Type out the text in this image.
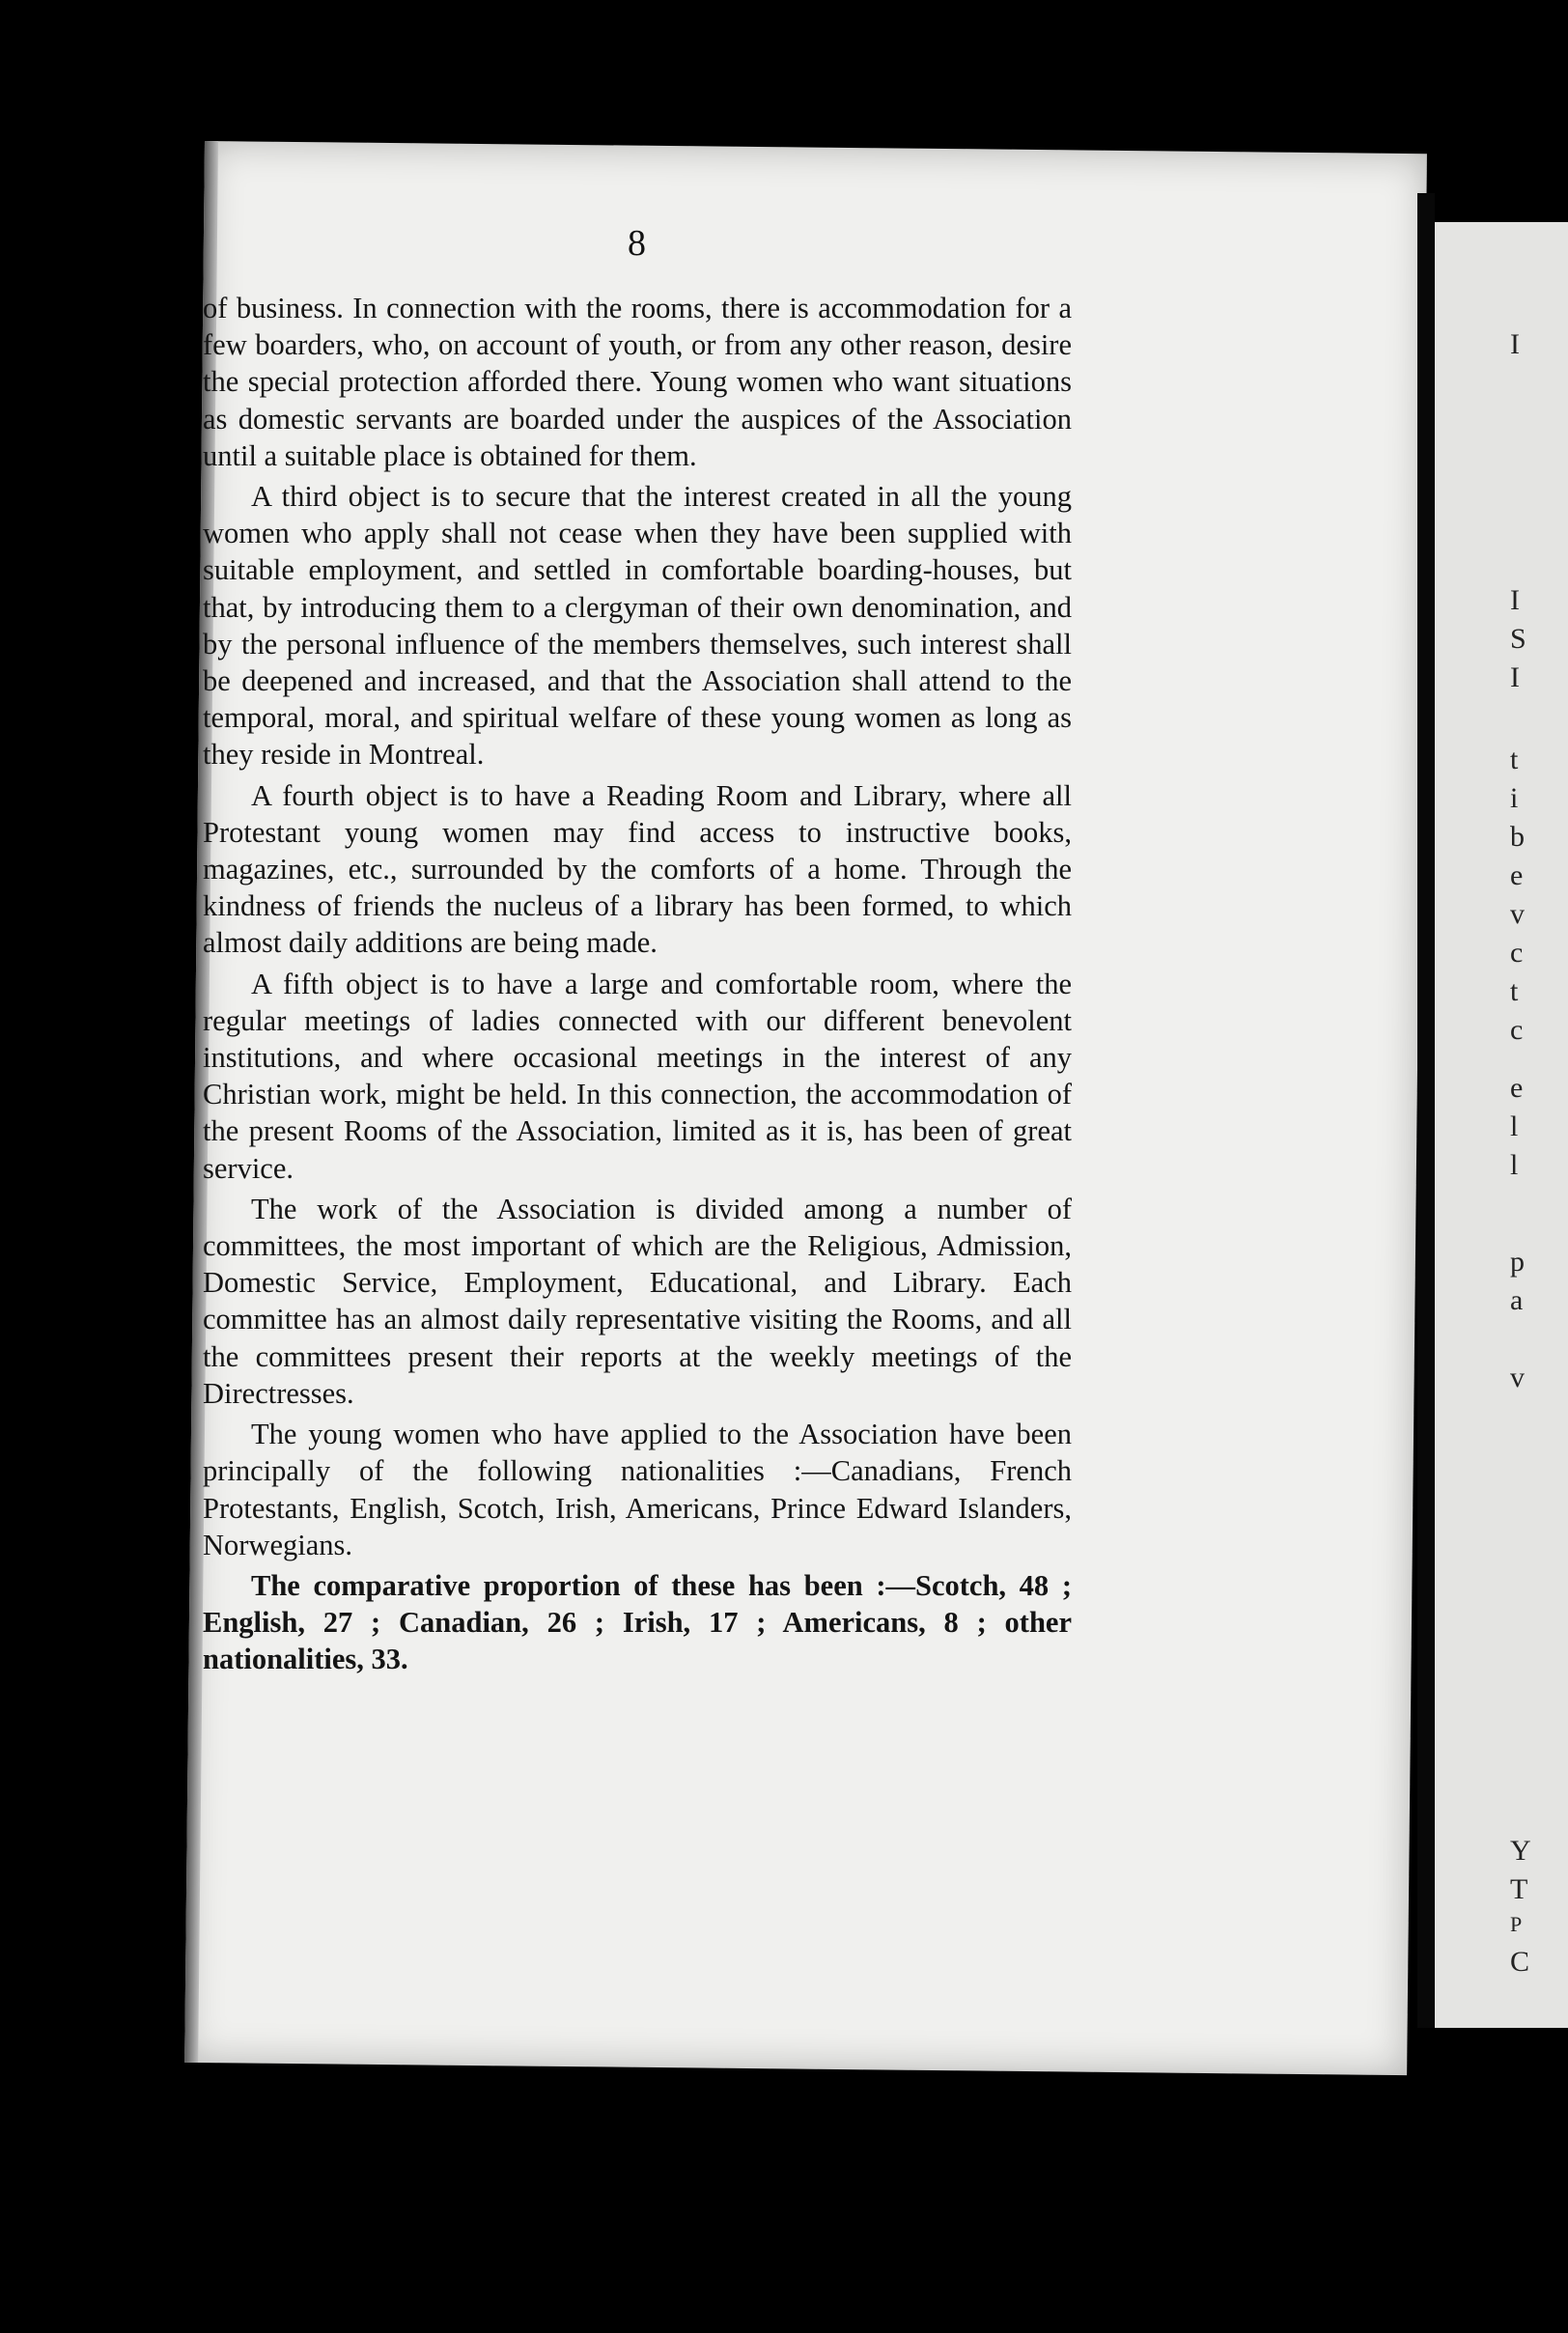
I
I
S
I
t
i
b
e
v
c
t
c
e
l
l
p
a
v
Y
T
P
C
8

of business. In connection with the rooms, there is accommodation for a few boarders, who, on account of youth, or from any other reason, desire the special protection afforded there. Young women who want situations as domestic servants are boarded under the auspices of the Association until a suitable place is obtained for them.

A third object is to secure that the interest created in all the young women who apply shall not cease when they have been supplied with suitable employment, and settled in comfortable boarding-houses, but that, by introducing them to a clergyman of their own denomination, and by the personal influence of the members themselves, such interest shall be deepened and increased, and that the Association shall attend to the temporal, moral, and spiritual welfare of these young women as long as they reside in Montreal.

A fourth object is to have a Reading Room and Library, where all Protestant young women may find access to instructive books, magazines, etc., surrounded by the comforts of a home. Through the kindness of friends the nucleus of a library has been formed, to which almost daily additions are being made.

A fifth object is to have a large and comfortable room, where the regular meetings of ladies connected with our different benevolent institutions, and where occasional meetings in the interest of any Christian work, might be held. In this connection, the accommodation of the present Rooms of the Association, limited as it is, has been of great service.

The work of the Association is divided among a number of committees, the most important of which are the Religious, Admission, Domestic Service, Employment, Educational, and Library. Each committee has an almost daily representative visiting the Rooms, and all the committees present their reports at the weekly meetings of the Directresses.

The young women who have applied to the Association have been principally of the following nationalities :—Canadians, French Protestants, English, Scotch, Irish, Americans, Prince Edward Islanders, Norwegians.

The comparative proportion of these has been :—Scotch, 48 ; English, 27 ; Canadian, 26 ; Irish, 17 ; Americans, 8 ; other nationalities, 33.
